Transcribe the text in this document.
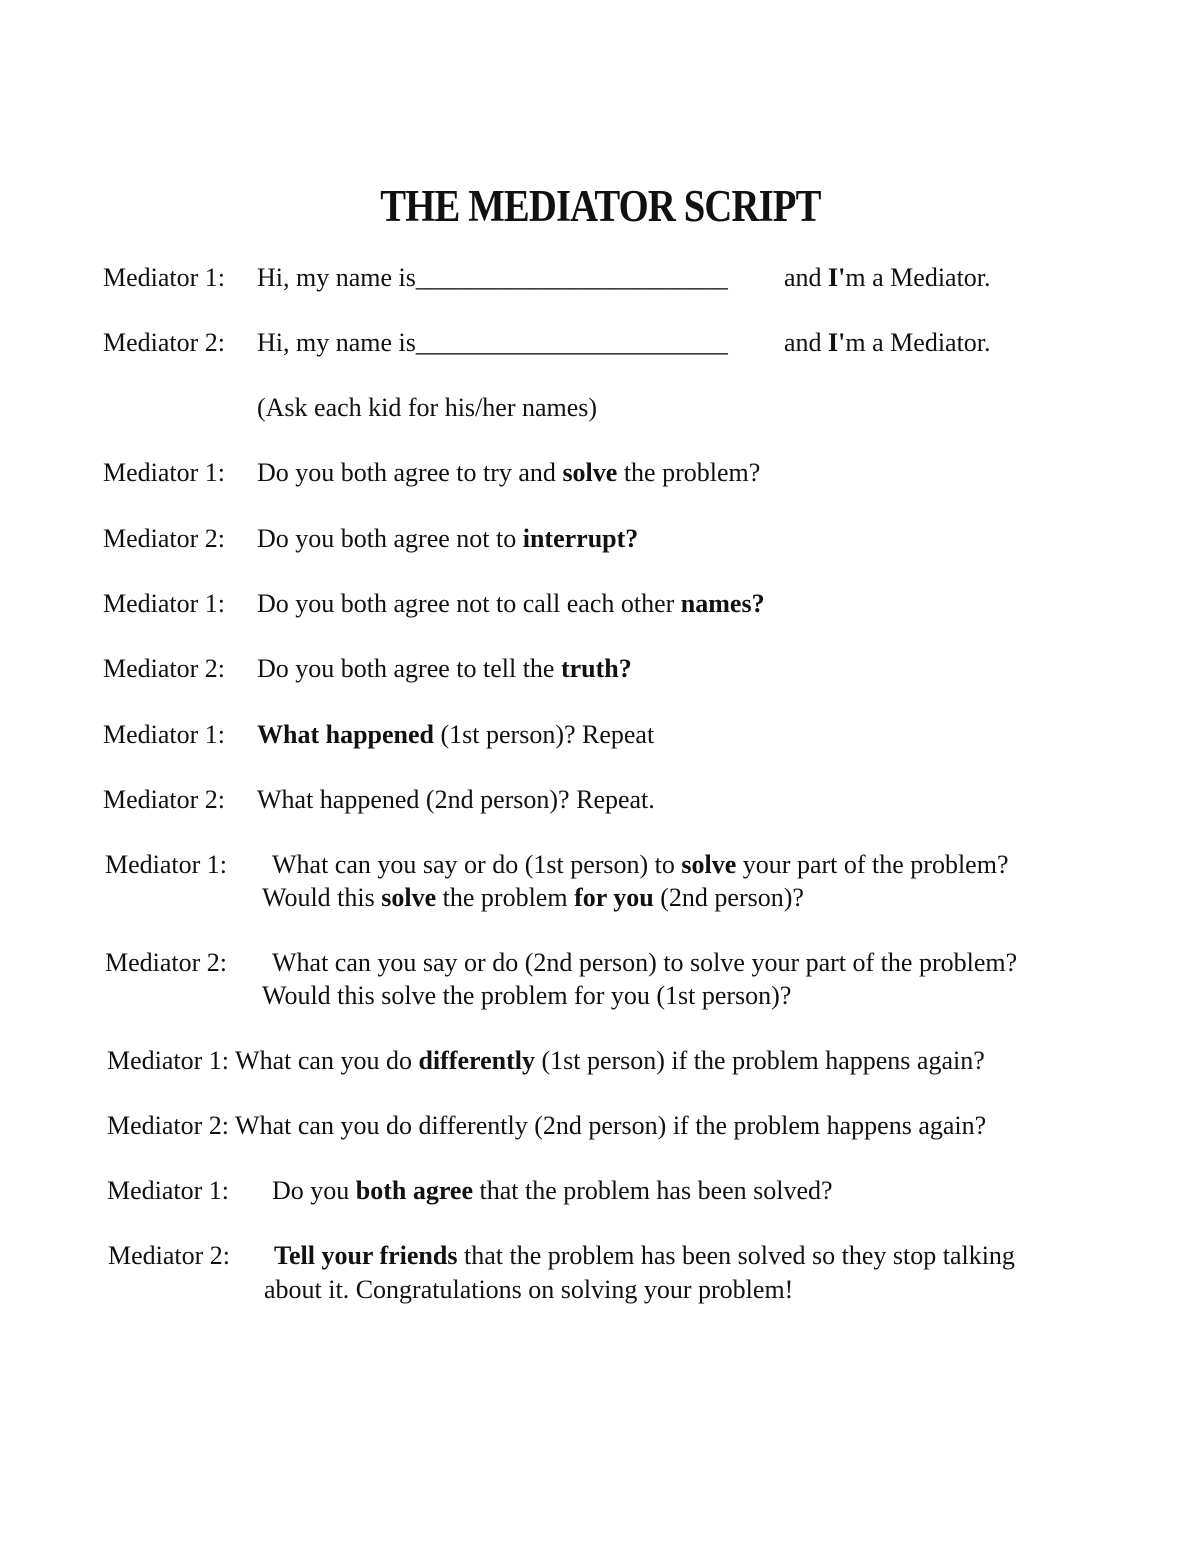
THE MEDIATOR SCRIPT
Mediator 1: Hi, my name is________________________ and I'm a Mediator.
Mediator 2: Hi, my name is________________________ and I'm a Mediator.
(Ask each kid for his/her names)
Mediator 1: Do you both agree to try and solve the problem?
Mediator 2: Do you both agree not to interrupt?
Mediator 1: Do you both agree not to call each other names?
Mediator 2: Do you both agree to tell the truth?
Mediator 1: What happened (1st person)? Repeat
Mediator 2: What happened (2nd person)? Repeat.
Mediator 1: What can you say or do (1st person) to solve your part of the problem?
Would this solve the problem for you (2nd person)?
Mediator 2: What can you say or do (2nd person) to solve your part of the problem?
Would this solve the problem for you (1st person)?
Mediator 1: What can you do differently (1st person) if the problem happens again?
Mediator 2: What can you do differently (2nd person) if the problem happens again?
Mediator 1: Do you both agree that the problem has been solved?
Mediator 2: Tell your friends that the problem has been solved so they stop talking
about it. Congratulations on solving your problem!
